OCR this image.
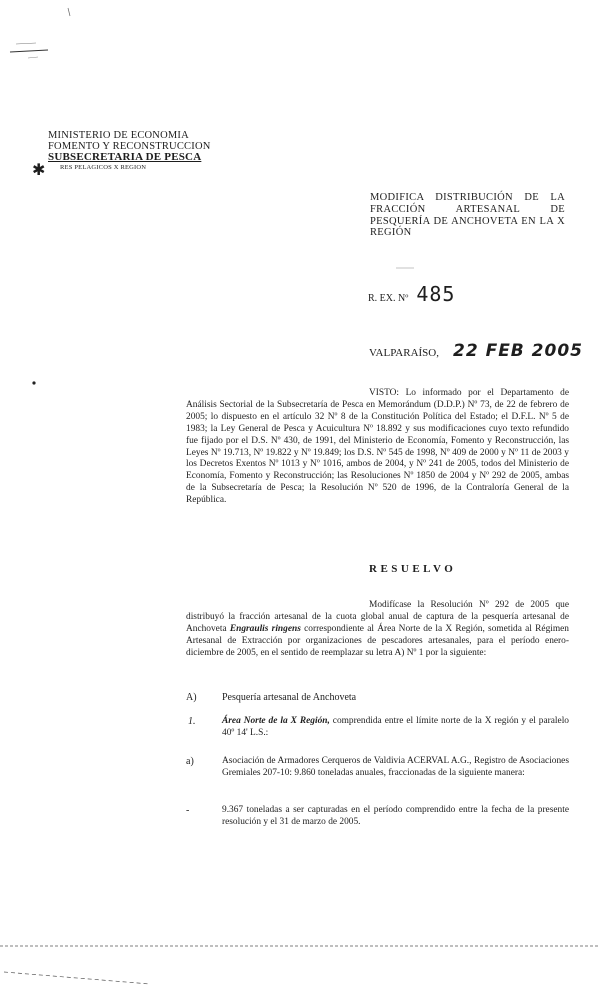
MINISTERIO DE ECONOMIA
FOMENTO Y RECONSTRUCCION
SUBSECRETARIA DE PESCA
RES PELAGICOS X REGION
✱
MODIFICA DISTRIBUCIÓN DE LA FRACCIÓN ARTESANAL DE PESQUERÍA DE ANCHOVETA EN LA X REGIÓN
R. EX. Nº 485
VALPARAÍSO, 22 FEB 2005
VISTO: Lo informado por el Departamento de Análisis Sectorial de la Subsecretaría de Pesca en Memorándum (D.D.P.) Nº 73, de 22 de febrero de 2005; lo dispuesto en el artículo 32 Nº 8 de la Constitución Política del Estado; el D.F.L. Nº 5 de 1983; la Ley General de Pesca y Acuicultura Nº 18.892 y sus modificaciones cuyo texto refundido fue fijado por el D.S. Nº 430, de 1991, del Ministerio de Economía, Fomento y Reconstrucción, las Leyes Nº 19.713, Nº 19.822 y Nº 19.849; los D.S. Nº 545 de 1998, Nº 409 de 2000 y Nº 11 de 2003 y los Decretos Exentos Nº 1013 y Nº 1016, ambos de 2004, y Nº 241 de 2005, todos del Ministerio de Economía, Fomento y Reconstrucción; las Resoluciones Nº 1850 de 2004 y Nº 292 de 2005, ambas de la Subsecretaría de Pesca; la Resolución Nº 520 de 1996, de la Contraloría General de la República.
RESUELVO
Modifícase la Resolución Nº 292 de 2005 que distribuyó la fracción artesanal de la cuota global anual de captura de la pesquería artesanal de Anchoveta Engraulis ringens correspondiente al Área Norte de la X Región, sometida al Régimen Artesanal de Extracción por organizaciones de pescadores artesanales, para el período enero-diciembre de 2005, en el sentido de reemplazar su letra A) Nº 1 por la siguiente:
A)	Pesquería artesanal de Anchoveta
1.	Área Norte de la X Región, comprendida entre el límite norte de la X región y el paralelo 40º 14' L.S.:
a)	Asociación de Armadores Cerqueros de Valdivia ACERVAL A.G., Registro de Asociaciones Gremiales 207-10: 9.860 toneladas anuales, fraccionadas de la siguiente manera:
-	9.367 toneladas a ser capturadas en el período comprendido entre la fecha de la presente resolución y el 31 de marzo de 2005.
